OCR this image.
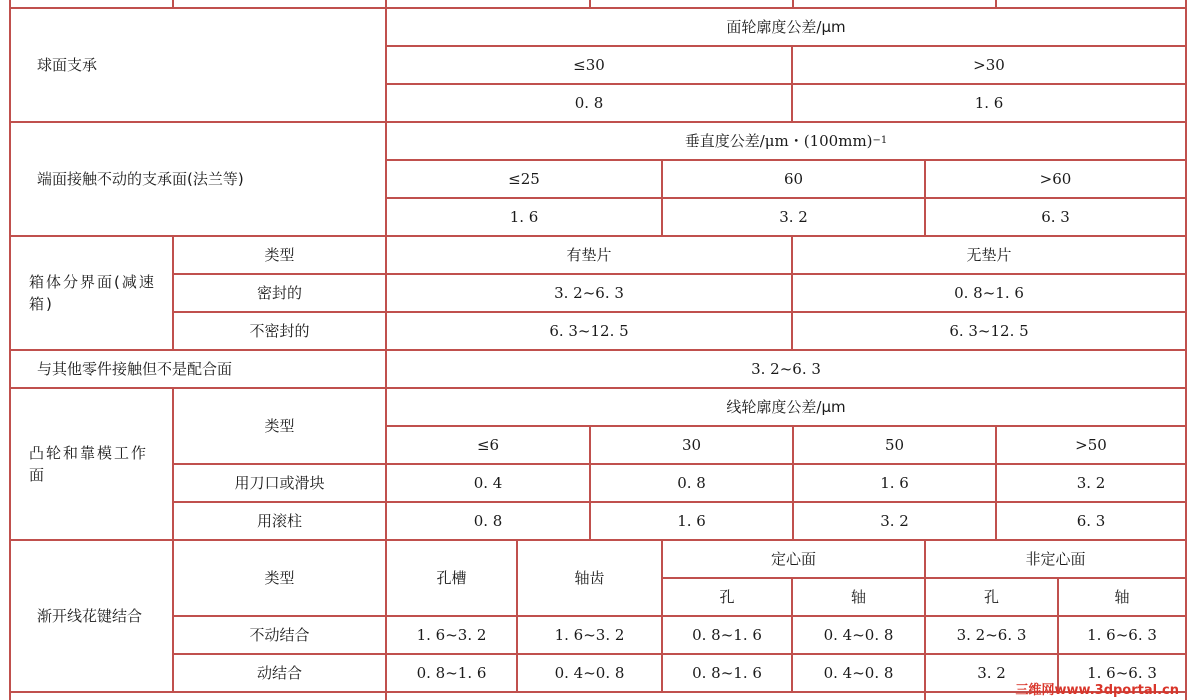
球面支承
面轮廓度公差/μm
≤30	>30
0. 8	1. 6
端面接触不动的支承面(法兰等)
垂直度公差/μm・(100mm) −1
≤25	60	>60
1. 6	3. 2	6. 3
箱体分界面(减速箱)
类型	有垫片	无垫片
密封的	3. 2~6. 3	0. 8~1. 6
不密封的	6. 3~12. 5	6. 3~12. 5
与其他零件接触但不是配合面	3. 2~6. 3
凸轮和靠模工作面
类型
线轮廓度公差/μm
≤6	30	50	>50
用刀口或滑块	0. 4	0. 8	1. 6	3. 2
用滚柱	0. 8	1. 6	3. 2	6. 3
渐开线花键结合
类型	孔槽	轴齿
定心面	非定心面
孔	轴	孔	轴
不动结合	1. 6~3. 2	1. 6~3. 2	0. 8~1. 6	0. 4~0. 8	3. 2~6. 3	1. 6~6. 3
动结合	0. 8~1. 6	0. 4~0. 8	0. 8~1. 6	0. 4~0. 8	3. 2	1. 6~6. 3
三维网www.3dportal.cn
